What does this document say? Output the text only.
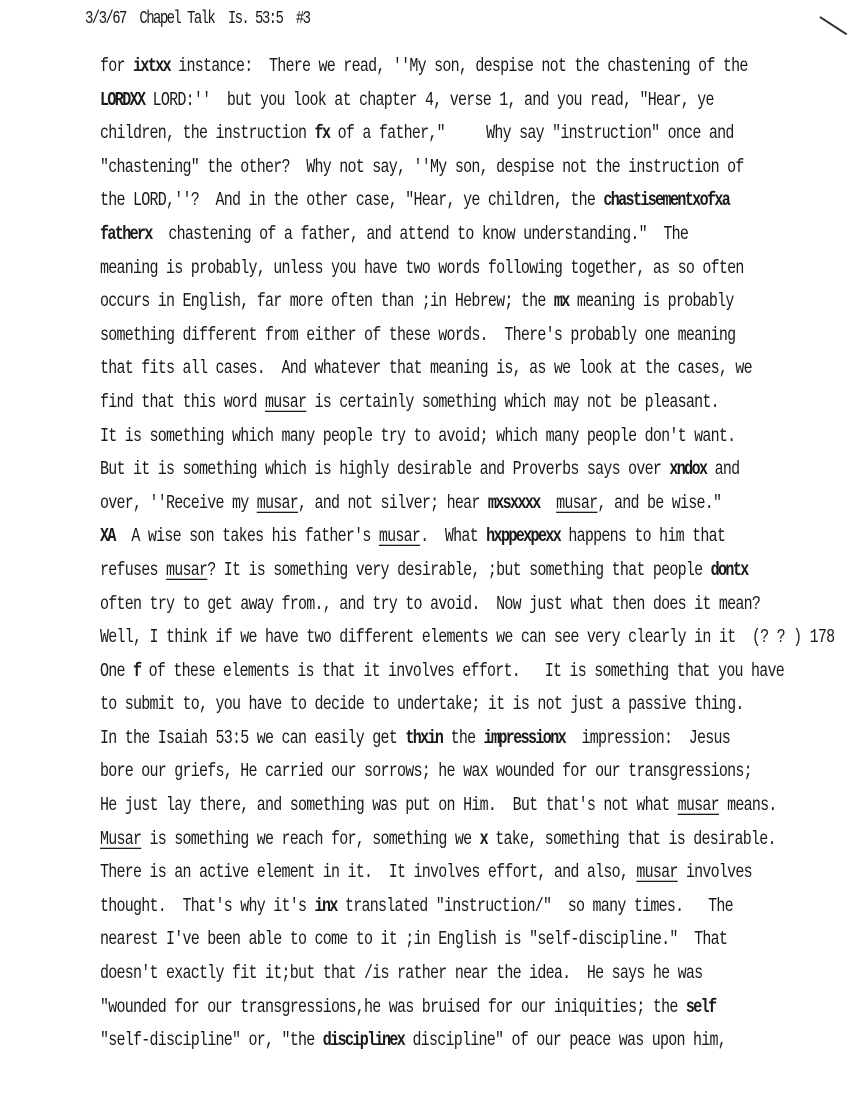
3/3/67  Chapel Talk  Is. 53:5  #3
for ixtxx instance:  There we read, ''My son, despise not the chastening of the
LORDXX LORD:''  but you look at chapter 4, verse 1, and you read, "Hear, ye
children, the instruction fx of a father,"     Why say "instruction" once and
"chastening" the other?  Why not say, ''My son, despise not the instruction of
the LORD,''?  And in the other case, "Hear, ye children, the chastisementxofxa
fatherx  chastening of a father, and attend to know understanding."  The
meaning is probably, unless you have two words following together, as so often
occurs in English, far more often than ;in Hebrew; the mx meaning is probably
something different from either of these words.  There's probably one meaning
that fits all cases.  And whatever that meaning is, as we look at the cases, we
find that this word musar is certainly something which may not be pleasant.
It is something which many people try to avoid; which many people don't want.
But it is something which is highly desirable and Proverbs says over xndox and
over, ''Receive my musar, and not silver; hear mxsxxxx musar, and be wise."
XA  A wise son takes his father's musar.  What hxppexpexx happens to him that
refuses musar? It is something very desirable, ;but something that people dontx
often try to get away from., and try to avoid.  Now just what then does it mean?
Well, I think if we have two different elements we can see very clearly in it  (? ? ) 178
One f of these elements is that it involves effort.   It is something that you have
to submit to, you have to decide to undertake; it is not just a passive thing.
In the Isaiah 53:5 we can easily get thxin the impressionx  impression:  Jesus
bore our griefs, He carried our sorrows; he wax wounded for our transgressions;
He just lay there, and something was put on Him.  But that's not what musar means.
Musar is something we reach for, something we x take, something that is desirable.
There is an active element in it.  It involves effort, and also, musar involves
thought.  That's why it's inx translated "instruction/"  so many times.   The
nearest I've been able to come to it ;in English is "self-discipline."  That
doesn't exactly fit it;but that /is rather near the idea.  He says he was
"wounded for our transgressions,he was bruised for our iniquities; the self
"self-discipline" or, "the disciplinex discipline" of our peace was upon him,
